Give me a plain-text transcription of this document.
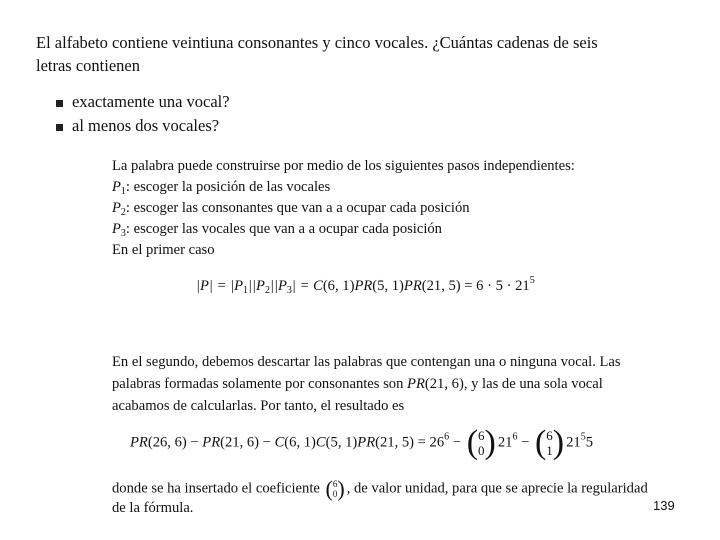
El alfabeto contiene veintiuna consonantes y cinco vocales. ¿Cuántas cadenas de seis
letras contienen
exactamente una vocal?
al menos dos vocales?
La palabra puede construirse por medio de los siguientes pasos independientes:
$P_1$: escoger la posición de las vocales
$P_2$: escoger las consonantes que van a a ocupar cada posición
$P_3$: escoger las vocales que van a a ocupar cada posición
En el primer caso
$|P| = |P_1||P_2||P_3| = C(6$, 1)PR(5, 1)PR(21, $5) = 6 \cdot 5 \cdot 21^5$
En el segundo, debemos descartar las palabras que contengan una o ninguna vocal. Las
palabras formadas solamente por consonantes son PR(21, 6), y las de una sola vocal
acabamos de calcularlas. Por tanto, el resultado es
PR(26, 6) − PR(21, 6) − C(6, 1)C(5, 1)PR(21, $5) = 26^6 - (6$
0) $21^6 - (6$
1) $21^55$
donde se ha insertado el coeficiente (6
0) , de valor unidad, para que se aprecie la regularidad
de la fórmula.	139
